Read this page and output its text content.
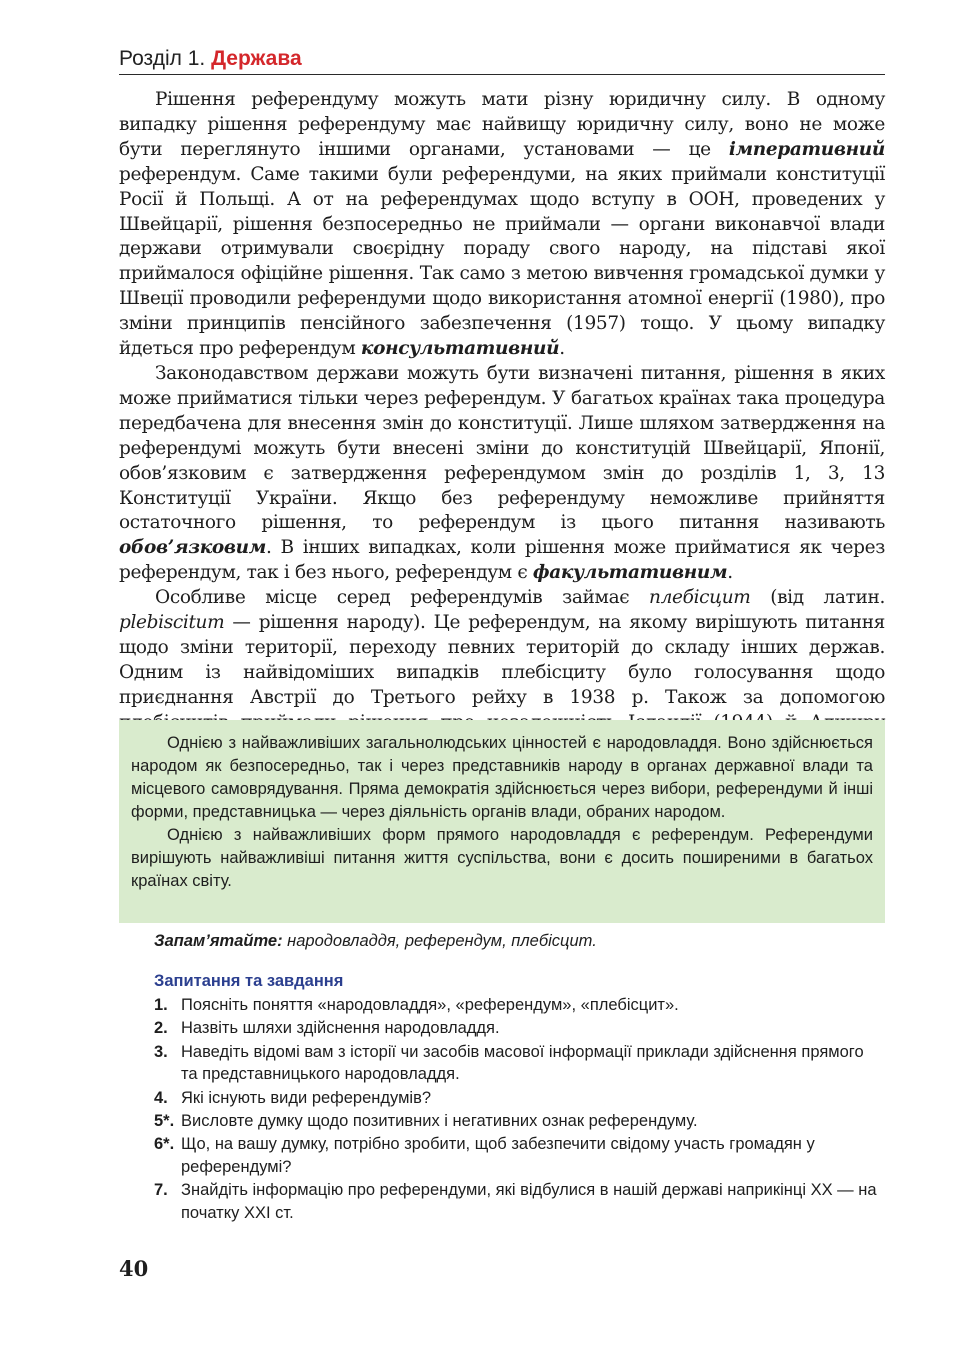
Розділ 1. Держава

Рішення референдуму можуть мати різну юридичну силу. В одному випадку рішення референдуму має найвищу юридичну силу, воно не може бути переглянуто іншими органами, установами — це імперативний референдум. Саме такими були референдуми, на яких приймали конституції Росії й Польщі. А от на референдумах щодо вступу в ООН, проведених у Швейцарії, рішення безпосередньо не приймали — органи виконавчої влади держави отримували своєрідну пораду свого народу, на підставі якої приймалося офіційне рішення. Так само з метою вивчення громадської думки у Швеції проводили референдуми щодо використання атомної енергії (1980), про зміни принципів пенсійного забезпечення (1957) тощо. У цьому випадку йдеться про референдум консультативний.

Законодавством держави можуть бути визначені питання, рішення в яких може прийматися тільки через референдум. У багатьох країнах така процедура передбачена для внесення змін до конституції. Лише шляхом затвердження на референдумі можуть бути внесені зміни до конституцій Швейцарії, Японії, обов’язковим є затвердження референдумом змін до розділів 1, 3, 13 Конституції України. Якщо без референдуму неможливе прийняття остаточного рішення, то референдум із цього питання називають обов’язковим. В інших випадках, коли рішення може прийматися як через референдум, так і без нього, референдум є факультативним.

Особливе місце серед референдумів займає плебісцит (від латин. plebiscitum — рішення народу). Це референдум, на якому вирішують питання щодо зміни території, переходу певних територій до складу інших держав. Одним із найвідоміших випадків плебісциту було голосування щодо приєднання Австрії до Третього рейху в 1938 р. Також за допомогою

Однією з найважливіших загальнолюдських цінностей є народовладдя. Воно здійснюється народом як безпосередньо, так і через представників народу в органах державної влади та місцевого самоврядування. Пряма демократія здійснюється через вибори, референдуми й інші форми, представницька — через діяльність органів влади, обраних народом.

Однією з найважливіших форм прямого народовладдя є референдум. Референдуми вирішують найважливіші питання життя суспільства, вони є досить поширеними в багатьох країнах світу.

Запам’ятайте: народовладдя, референдум, плебісцит.
Запитання та завдання
1. Поясніть поняття «народовладдя», «референдум», «плебісцит».
2. Назвіть шляхи здійснення народовладдя.
3. Наведіть відомі вам з історії чи засобів масової інформації приклади здійснення прямого та представницького народовладдя.
4. Які існують види референдумів?
5*. Висловте думку щодо позитивних і негативних ознак референдуму.
6*. Що, на вашу думку, потрібно зробити, щоб забезпечити свідому участь громадян у референдумі?
7. Знайдіть інформацію про референдуми, які відбулися в нашій державі наприкінці XX — на початку XXI ст.
40
